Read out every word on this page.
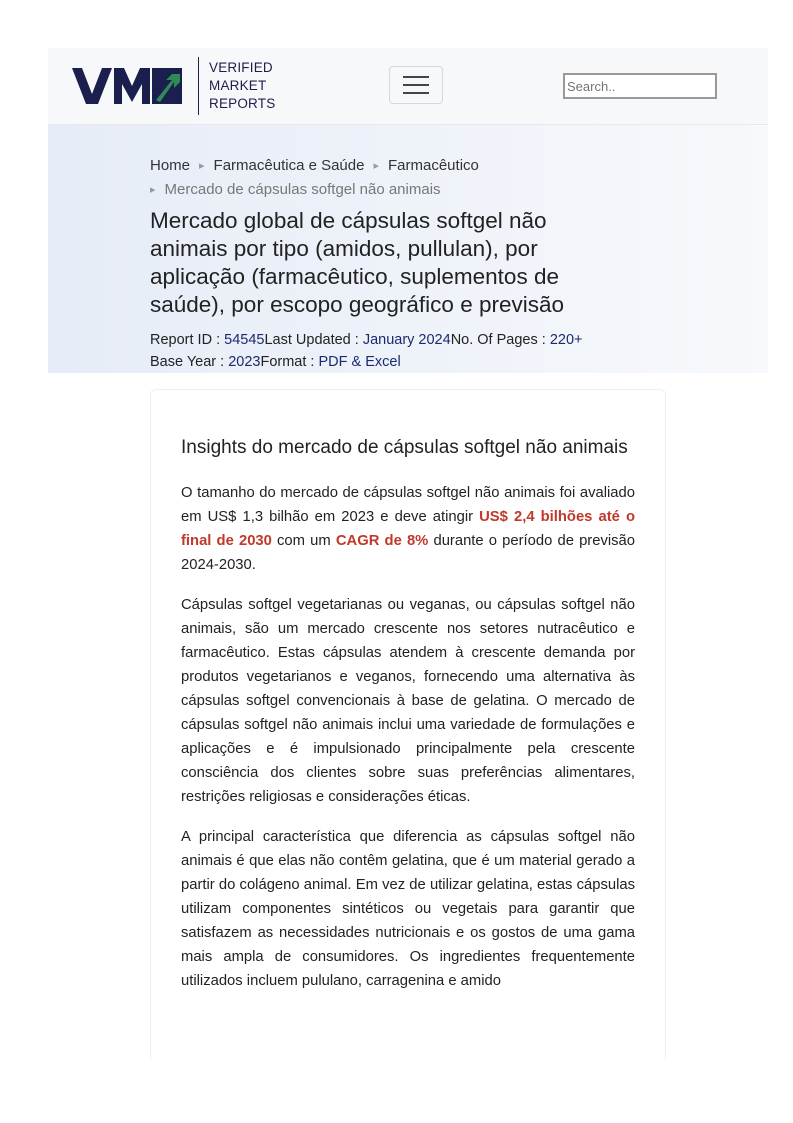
VERIFIED
MARKET
REPORTS
Search..
Home ▸ Farmacêutica e Saúde ▸ Farmacêutico
▸ Mercado de cápsulas softgel não animais
Mercado global de cápsulas softgel não animais por tipo (amidos, pullulan), por aplicação (farmacêutico, suplementos de saúde), por escopo geográfico e previsão
Report ID : 54545Last Updated : January 2024No. Of Pages : 220+
Base Year : 2023Format : PDF & Excel
Insights do mercado de cápsulas softgel não animais

O tamanho do mercado de cápsulas softgel não animais foi avaliado em US$ 1,3 bilhão em 2023 e deve atingir US$ 2,4 bilhões até o final de 2030 com um CAGR de 8% durante o período de previsão 2024-2030.

Cápsulas softgel vegetarianas ou veganas, ou cápsulas softgel não animais, são um mercado crescente nos setores nutracêutico e farmacêutico. Estas cápsulas atendem à crescente demanda por produtos vegetarianos e veganos, fornecendo uma alternativa às cápsulas softgel convencionais à base de gelatina. O mercado de cápsulas softgel não animais inclui uma variedade de formulações e aplicações e é impulsionado principalmente pela crescente consciência dos clientes sobre suas preferências alimentares, restrições religiosas e considerações éticas.

A principal característica que diferencia as cápsulas softgel não animais é que elas não contêm gelatina, que é um material gerado a partir do colágeno animal. Em vez de utilizar gelatina, estas cápsulas utilizam componentes sintéticos ou vegetais para garantir que satisfazem as necessidades nutricionais e os gostos de uma gama mais ampla de consumidores. Os ingredientes frequentemente utilizados incluem pululano, carragenina e amido
